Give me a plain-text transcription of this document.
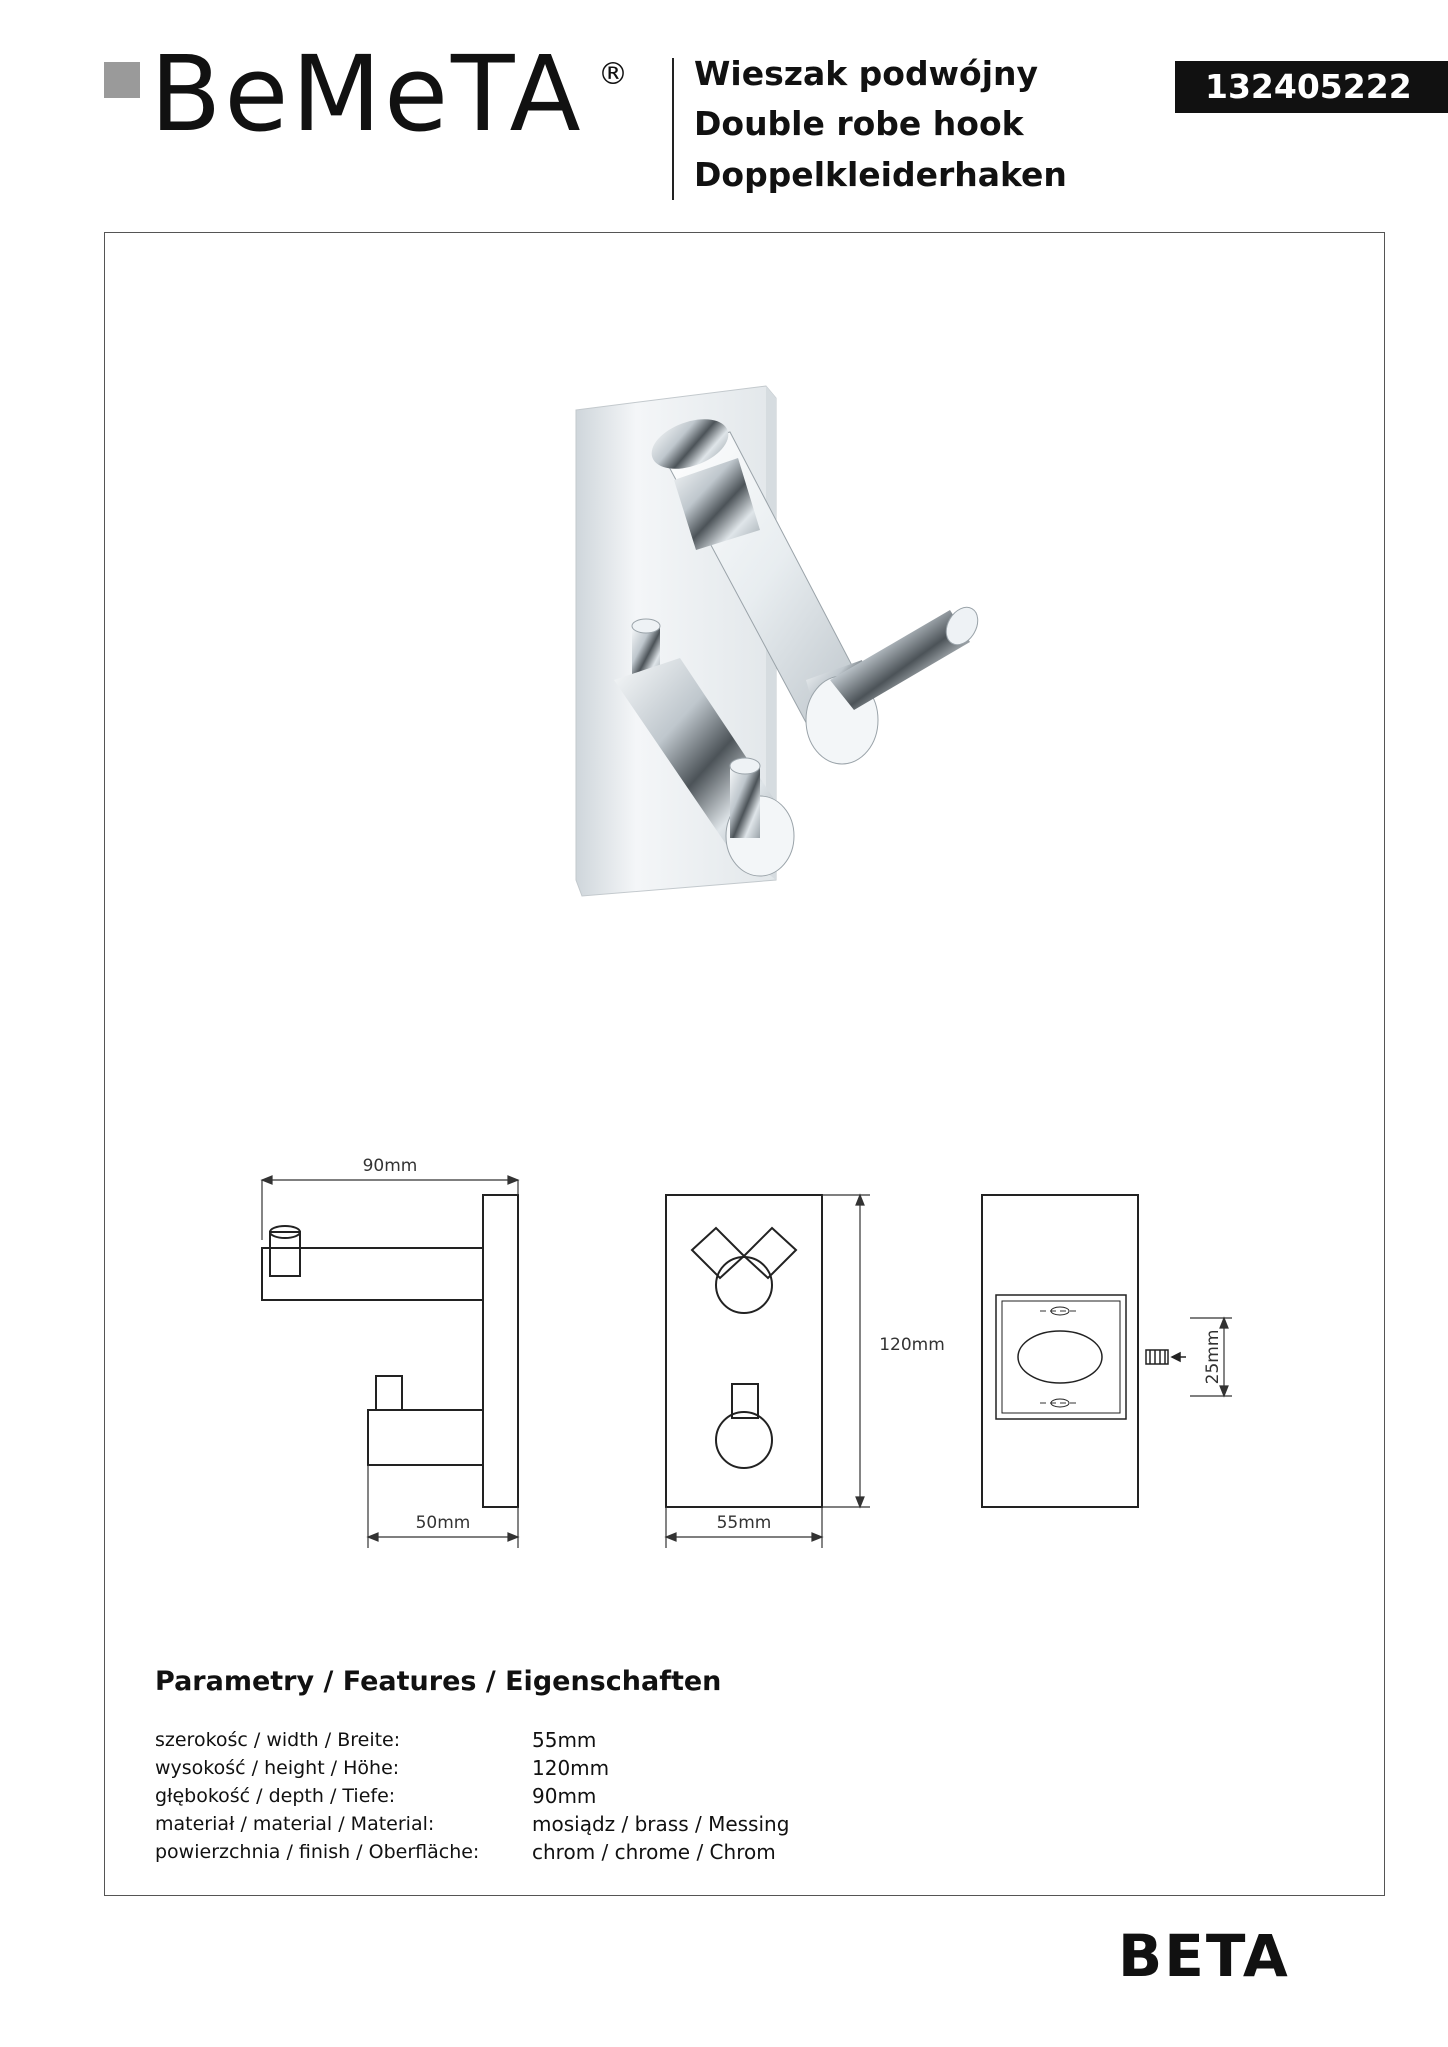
BeMeTA ® Wieszak podwójny
Double robe hook
Doppelkleiderhaken
132405222
90mm
50mm	55mm
120mm	25mm
Parametry / Features / Eigenschaften
szerokośc / width / Breite:	55mm
wysokość / height / Höhe:	120mm
głębokość / depth / Tiefe:	90mm
materiał / material / Material:	mosiądz / brass / Messing
powierzchnia / finish / Oberfläche:	chrom / chrome / Chrom
BETA
